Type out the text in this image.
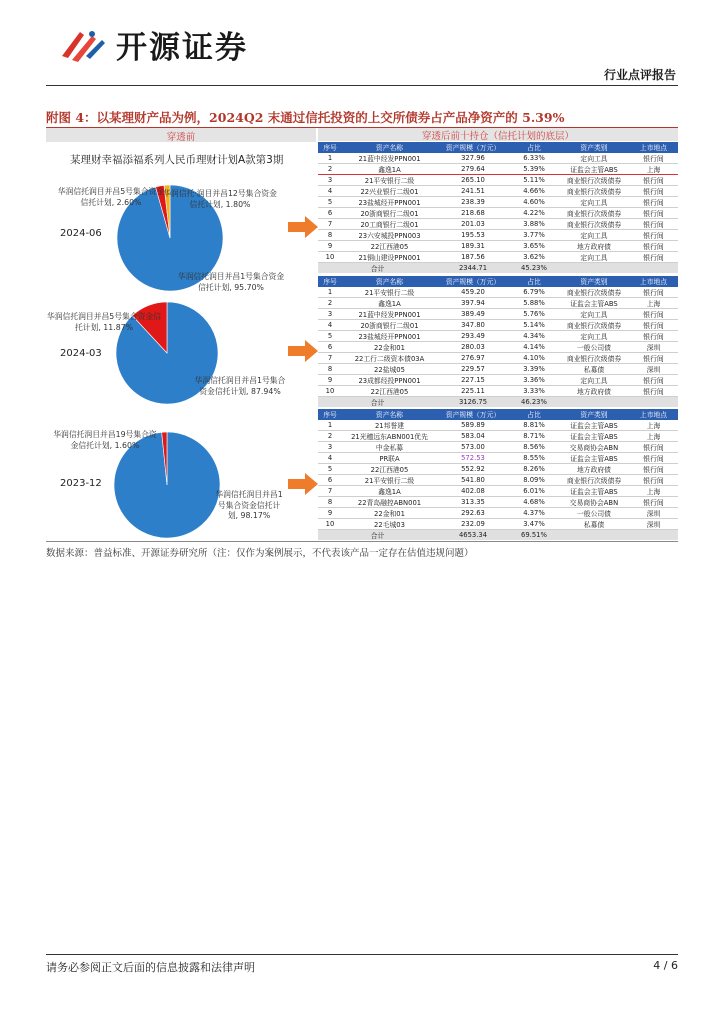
开源证券
行业点评报告
附图 4：以某理财产品为例，2024Q2 末通过信托投资的上交所债券占产品净资产的 5.39%
穿透前
某理财幸福添福系列人民币理财计划A款第3期
2024-06
华润信托润目并昌5号集合资金信托计划, 2.60%
华润信托·润目并昌12号集合资金信托计划, 1.80%
华润信托润目并昌1号集合资金信托计划, 95.70%
2024-03
华润信托润目并昌5号集合资金信托计划, 11.87%
华润信托润目并昌1号集合资金信托计划, 87.94%
2023-12
华润信托润目并昌19号集合资金信托计划, 1.60%
华润信托润目并昌1号集合资金信托计划, 98.17%
穿透后前十持仓（信托计划的底层）
序号	资产名称	资产规模（万元）	占比	资产类别	上市地点
1	21蓝中经发PPN001	327.96	6.33%	定向工具	银行间
2	鑫逸1A	279.64	5.39%	证监会主管ABS	上海
3	21平安银行二级	265.10	5.11%	商业银行次级债券	银行间
4	22兴业银行二级01	241.51	4.66%	商业银行次级债券	银行间
5	23盐城经开PPN001	238.39	4.60%	定向工具	银行间
6	20浙商银行二级01	218.68	4.22%	商业银行次级债券	银行间
7	20工商银行二级01	201.03	3.88%	商业银行次级债券	银行间
8	23六安城投PPN003	195.53	3.77%	定向工具	银行间
9	22江西港05	189.31	3.65%	地方政府债	银行间
10	21铜山建设PPN001	187.56	3.62%	定向工具	银行间
合计		2344.71	45.23%		
序号	资产名称	资产规模（万元）	占比	资产类别	上市地点
1	21平安银行二级	459.20	6.79%	商业银行次级债券	银行间
2	鑫逸1A	397.94	5.88%	证监会主管ABS	上海
3	21蓝中经发PPN001	389.49	5.76%	定向工具	银行间
4	20浙商银行二级01	347.80	5.14%	商业银行次级债券	银行间
5	23盐城经开PPN001	293.49	4.34%	定向工具	银行间
6	22金和01	280.03	4.14%	一般公司债	深圳
7	22工行二级资本债03A	276.97	4.10%	商业银行次级债券	银行间
8	22盐城05	229.57	3.39%	私募债	深圳
9	23成都经投PPN001	227.15	3.36%	定向工具	银行间
10	22江西港05	225.11	3.33%	地方政府债	银行间
合计		3126.75	46.23%		
序号	资产名称	资产规模（万元）	占比	资产类别	上市地点
1	21邦誉建	589.89	8.81%	证监会主管ABS	上海
2	21光穗远东ABN001优先	583.04	8.71%	证监会主管ABS	上海
3	中金私募	573.00	8.56%	交易商协会ABN	银行间
4	PR联A	572.53	8.55%	证监会主管ABS	银行间
5	22江西港05	552.92	8.26%	地方政府债	银行间
6	21平安银行二级	541.80	8.09%	商业银行次级债券	银行间
7	鑫逸1A	402.08	6.01%	证监会主管ABS	上海
8	22青岛融控ABN001	313.35	4.68%	交易商协会ABN	银行间
9	22金和01	292.63	4.37%	一般公司债	深圳
10	22毛城03	232.09	3.47%	私募债	深圳
合计		4653.34	69.51%		
数据来源：普益标准、开源证券研究所（注：仅作为案例展示，不代表该产品一定存在估值违规问题）
请务必参阅正文后面的信息披露和法律声明	4 / 6
